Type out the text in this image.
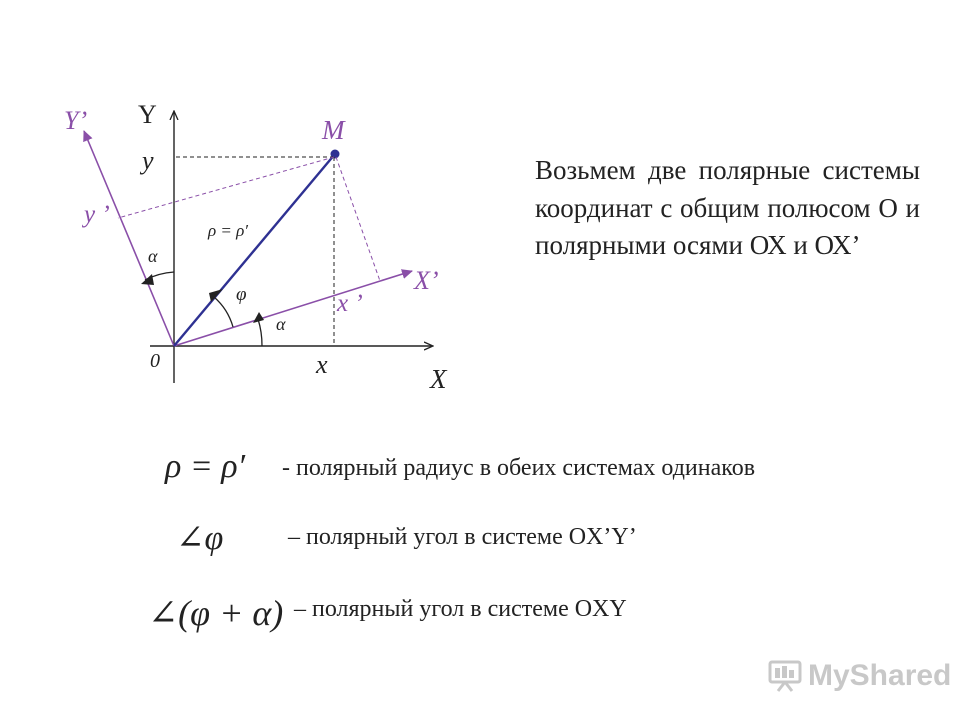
Y
Y’
y
y ’
M
ρ = ρ′
α
φ
α
X’
x ’
0	x	X
Возьмем две полярные системы координат с общим полюсом О и полярными осями ОХ и ОХ’
ρ = ρ′ - полярный радиус в обеих системах одинаков
∠φ	– полярный угол в системе OX’Y’
∠(φ + α) – полярный угол в системе OXY
MyShared
